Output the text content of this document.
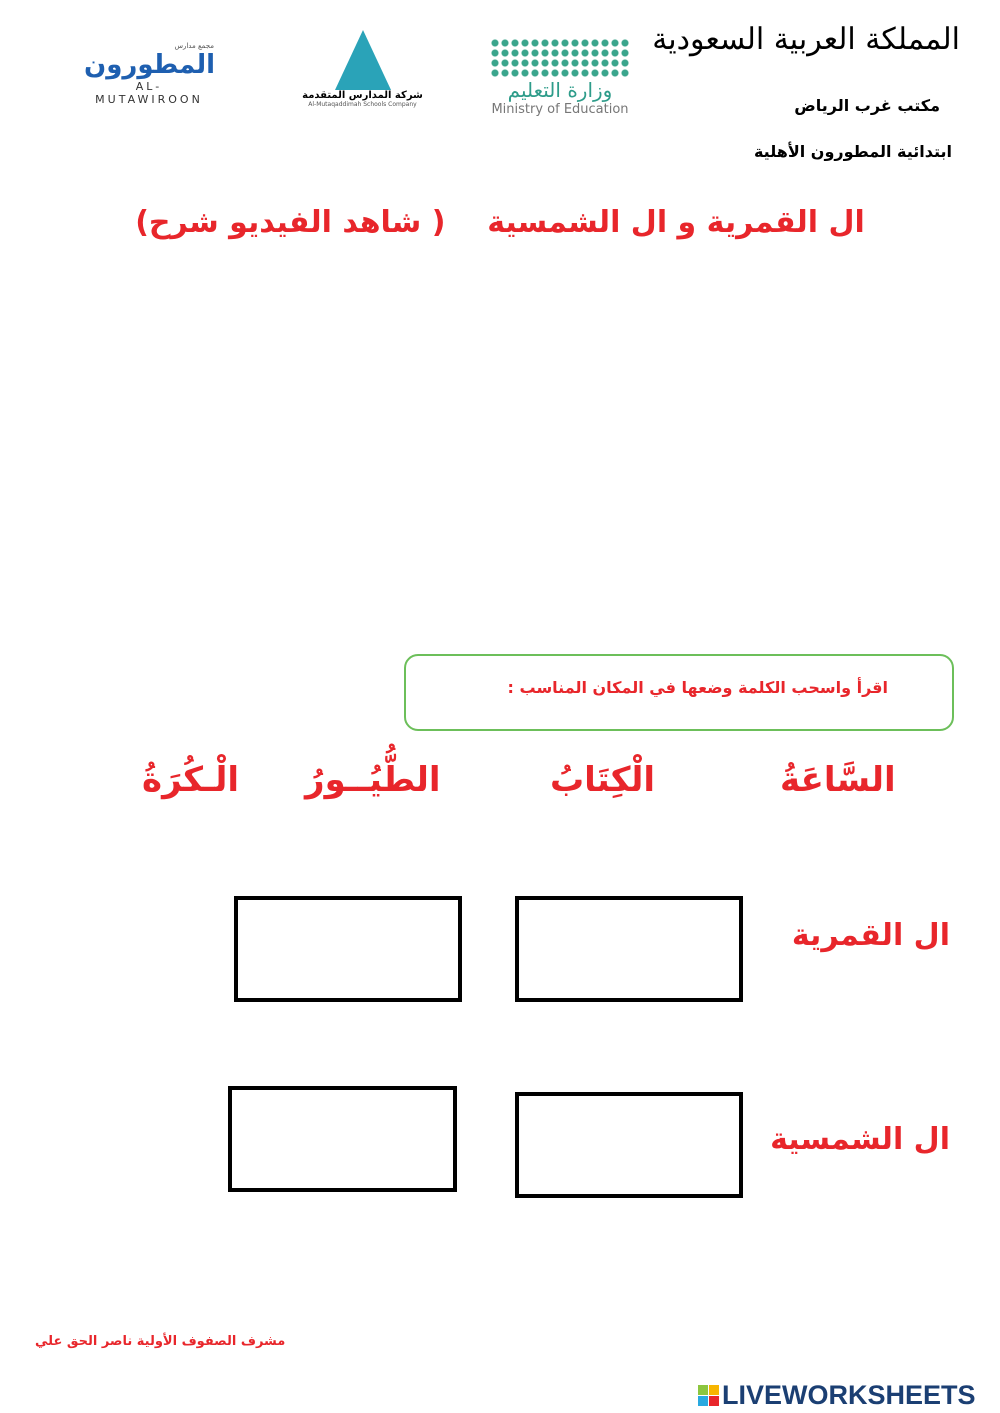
المملكة العربية السعودية
مكتب غرب الرياض
ابتدائية المطورون الأهلية
وزارة التعليم
Ministry of Education
شركة المدارس المتقدمة
Al-Mutaqaddimah Schools Company
مجمع مدارس
المطورون
AL-MUTAWIROON
ال القمرية و ال الشمسية    ( شاهد الفيديو شرح)
اقرأ واسحب الكلمة وضعها في المكان المناسب :
السَّاعَةُ
الْكِتَابُ
الطُّيُــورُ
الْـكُرَةُ
ال القمرية
ال الشمسية
مشرف الصفوف الأولية ناصر الحق علي
LIVEWORKSHEETS
